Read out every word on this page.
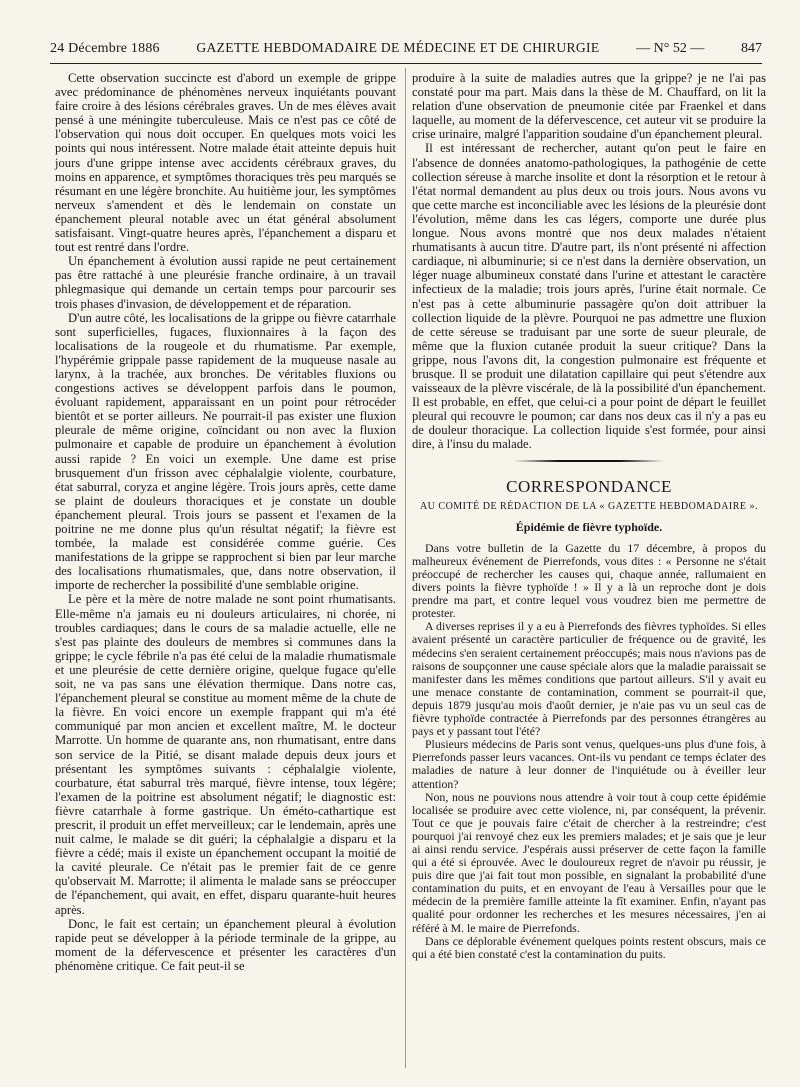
24 Décembre 1886	GAZETTE HEBDOMADAIRE DE MÉDECINE ET DE CHIRURGIE	— N° 52 —	847

Cette observation succincte est d'abord un exemple de grippe avec prédominance de phénomènes nerveux inquiétants pouvant faire croire à des lésions cérébrales graves. Un de mes élèves avait pensé à une méningite tuberculeuse. Mais ce n'est pas ce côté de l'observation qui nous doit occuper. En quelques mots voici les points qui nous intéressent. Notre malade était atteinte depuis huit jours d'une grippe intense avec accidents cérébraux graves, du moins en apparence, et symptômes thoraciques très peu marqués se résumant en une légère bronchite. Au huitième jour, les symptômes nerveux s'amendent et dès le lendemain on constate un épanchement pleural notable avec un état général absolument satisfaisant. Vingt-quatre heures après, l'épanchement a disparu et tout est rentré dans l'ordre.

Un épanchement à évolution aussi rapide ne peut certainement pas être rattaché à une pleurésie franche ordinaire, à un travail phlegmasique qui demande un certain temps pour parcourir ses trois phases d'invasion, de développement et de réparation.

D'un autre côté, les localisations de la grippe ou fièvre catarrhale sont superficielles, fugaces, fluxionnaires à la façon des localisations de la rougeole et du rhumatisme. Par exemple, l'hypérémie grippale passe rapidement de la muqueuse nasale au larynx, à la trachée, aux bronches. De véritables fluxions ou congestions actives se développent parfois dans le poumon, évoluant rapidement, apparaissant en un point pour rétrocéder bientôt et se porter ailleurs. Ne pourrait-il pas exister une fluxion pleurale de même origine, coïncidant ou non avec la fluxion pulmonaire et capable de produire un épanchement à évolution aussi rapide ? En voici un exemple. Une dame est prise brusquement d'un frisson avec céphalalgie violente, courbature, état saburral, coryza et angine légère. Trois jours après, cette dame se plaint de douleurs thoraciques et je constate un double épanchement pleural. Trois jours se passent et l'examen de la poitrine ne me donne plus qu'un résultat négatif; la fièvre est tombée, la malade est considérée comme guérie. Ces manifestations de la grippe se rapprochent si bien par leur marche des localisations rhumatismales, que, dans notre observation, il importe de rechercher la possibilité d'une semblable origine.

Le père et la mère de notre malade ne sont point rhumatisants. Elle-même n'a jamais eu ni douleurs articulaires, ni chorée, ni troubles cardiaques; dans le cours de sa maladie actuelle, elle ne s'est pas plainte des douleurs de membres si communes dans la grippe; le cycle fébrile n'a pas été celui de la maladie rhumatismale et une pleurésie de cette dernière origine, quelque fugace qu'elle soit, ne va pas sans une élévation thermique. Dans notre cas, l'épanchement pleural se constitue au moment même de la chute de la fièvre. En voici encore un exemple frappant qui m'a été communiqué par mon ancien et excellent maître, M. le docteur Marrotte. Un homme de quarante ans, non rhumatisant, entre dans son service de la Pitié, se disant malade depuis deux jours et présentant les symptômes suivants : céphalalgie violente, courbature, état saburral très marqué, fièvre intense, toux légère; l'examen de la poitrine est absolument négatif; le diagnostic est: fièvre catarrhale à forme gastrique. Un éméto-cathartique est prescrit, il produit un effet merveilleux; car le lendemain, après une nuit calme, le malade se dit guéri; la céphalalgie a disparu et la fièvre a cédé; mais il existe un épanchement occupant la moitié de la cavité pleurale. Ce n'était pas le premier fait de ce genre qu'observait M. Marrotte; il alimenta le malade sans se préoccuper de l'épanchement, qui avait, en effet, disparu quarante-huit heures après.

Donc, le fait est certain; un épanchement pleural à évolution rapide peut se développer à la période terminale de la grippe, au moment de la défervescence et présenter les caractères d'un phénomène critique. Ce fait peut-il se

produire à la suite de maladies autres que la grippe? je ne l'ai pas constaté pour ma part. Mais dans la thèse de M. Chauffard, on lit la relation d'une observation de pneumonie citée par Fraenkel et dans laquelle, au moment de la défervescence, cet auteur vit se produire la crise urinaire, malgré l'apparition soudaine d'un épanchement pleural.

Il est intéressant de rechercher, autant qu'on peut le faire en l'absence de données anatomo-pathologiques, la pathogénie de cette collection séreuse à marche insolite et dont la résorption et le retour à l'état normal demandent au plus deux ou trois jours. Nous avons vu que cette marche est inconciliable avec les lésions de la pleurésie dont l'évolution, même dans les cas légers, comporte une durée plus longue. Nous avons montré que nos deux malades n'étaient rhumatisants à aucun titre. D'autre part, ils n'ont présenté ni affection cardiaque, ni albuminurie; si ce n'est dans la dernière observation, un léger nuage albumineux constaté dans l'urine et attestant le caractère infectieux de la maladie; trois jours après, l'urine était normale. Ce n'est pas à cette albuminurie passagère qu'on doit attribuer la collection liquide de la plèvre. Pourquoi ne pas admettre une fluxion de cette séreuse se traduisant par une sorte de sueur pleurale, de même que la fluxion cutanée produit la sueur critique? Dans la grippe, nous l'avons dit, la congestion pulmonaire est fréquente et brusque. Il se produit une dilatation capillaire qui peut s'étendre aux vaisseaux de la plèvre viscérale, de là la possibilité d'un épanchement. Il est probable, en effet, que celui-ci a pour point de départ le feuillet pleural qui recouvre le poumon; car dans nos deux cas il n'y a pas eu de douleur thoracique. La collection liquide s'est formée, pour ainsi dire, à l'insu du malade.

CORRESPONDANCE
AU COMITÉ DE RÉDACTION DE LA « GAZETTE HEBDOMADAIRE ».
Épidémie de fièvre typhoïde.

Dans votre bulletin de la Gazette du 17 décembre, à propos du malheureux événement de Pierrefonds, vous dites : « Personne ne s'était préoccupé de rechercher les causes qui, chaque année, rallumaient en divers points la fièvre typhoïde ! » Il y a là un reproche dont je dois prendre ma part, et contre lequel vous voudrez bien me permettre de protester.

A diverses reprises il y a eu à Pierrefonds des fièvres typhoïdes. Si elles avaient présenté un caractère particulier de fréquence ou de gravité, les médecins s'en seraient certainement préoccupés; mais nous n'avions pas de raisons de soupçonner une cause spéciale alors que la maladie paraissait se manifester dans les mêmes conditions que partout ailleurs. S'il y avait eu une menace constante de contamination, comment se pourrait-il que, depuis 1879 jusqu'au mois d'août dernier, je n'aie pas vu un seul cas de fièvre typhoïde contractée à Pierrefonds par des personnes étrangères au pays et y passant tout l'été?

Plusieurs médecins de Paris sont venus, quelques-uns plus d'une fois, à Pierrefonds passer leurs vacances. Ont-ils vu pendant ce temps éclater des maladies de nature à leur donner de l'inquiétude ou à éveiller leur attention?

Non, nous ne pouvions nous attendre à voir tout à coup cette épidémie localisée se produire avec cette violence, ni, par conséquent, la prévenir. Tout ce que je pouvais faire c'était de chercher à la restreindre; c'est pourquoi j'ai renvoyé chez eux les premiers malades; et je sais que je leur ai ainsi rendu service. J'espérais aussi préserver de cette façon la famille qui a été si éprouvée. Avec le douloureux regret de n'avoir pu réussir, je puis dire que j'ai fait tout mon possible, en signalant la probabilité d'une contamination du puits, et en envoyant de l'eau à Versailles pour que le médecin de la première famille atteinte la fît examiner. Enfin, n'ayant pas qualité pour ordonner les recherches et les mesures nécessaires, j'en ai référé à M. le maire de Pierrefonds.

Dans ce déplorable événement quelques points restent obscurs, mais ce qui a été bien constaté c'est la contamination du puits.
